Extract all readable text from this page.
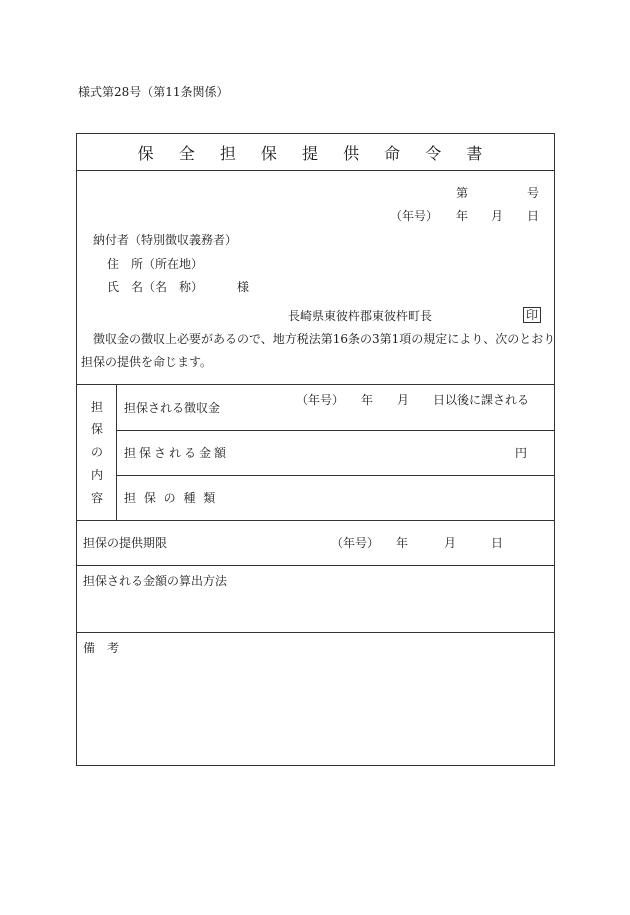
様式第28号（第11条関係）
保 全 担 保 提 供 命 令 書
第	号
（年号） 年 月 日
納付者（特別徴収義務者）
住　所（所在地）
氏　名（名　称）	様
長崎県東彼杵郡東彼杵町長	印
徴収金の徴収上必要があるので、地方税法第16条の3第1項の規定により、次のとおり
担保の提供を命じます。
担
保
の
内
容
担保される徴収金
（年号） 年 月 日以後に課される
担保される金額	円
担 保 の 種 類
担保の提供期限	（年号） 年	月	日
担保される金額の算出方法
備　考
